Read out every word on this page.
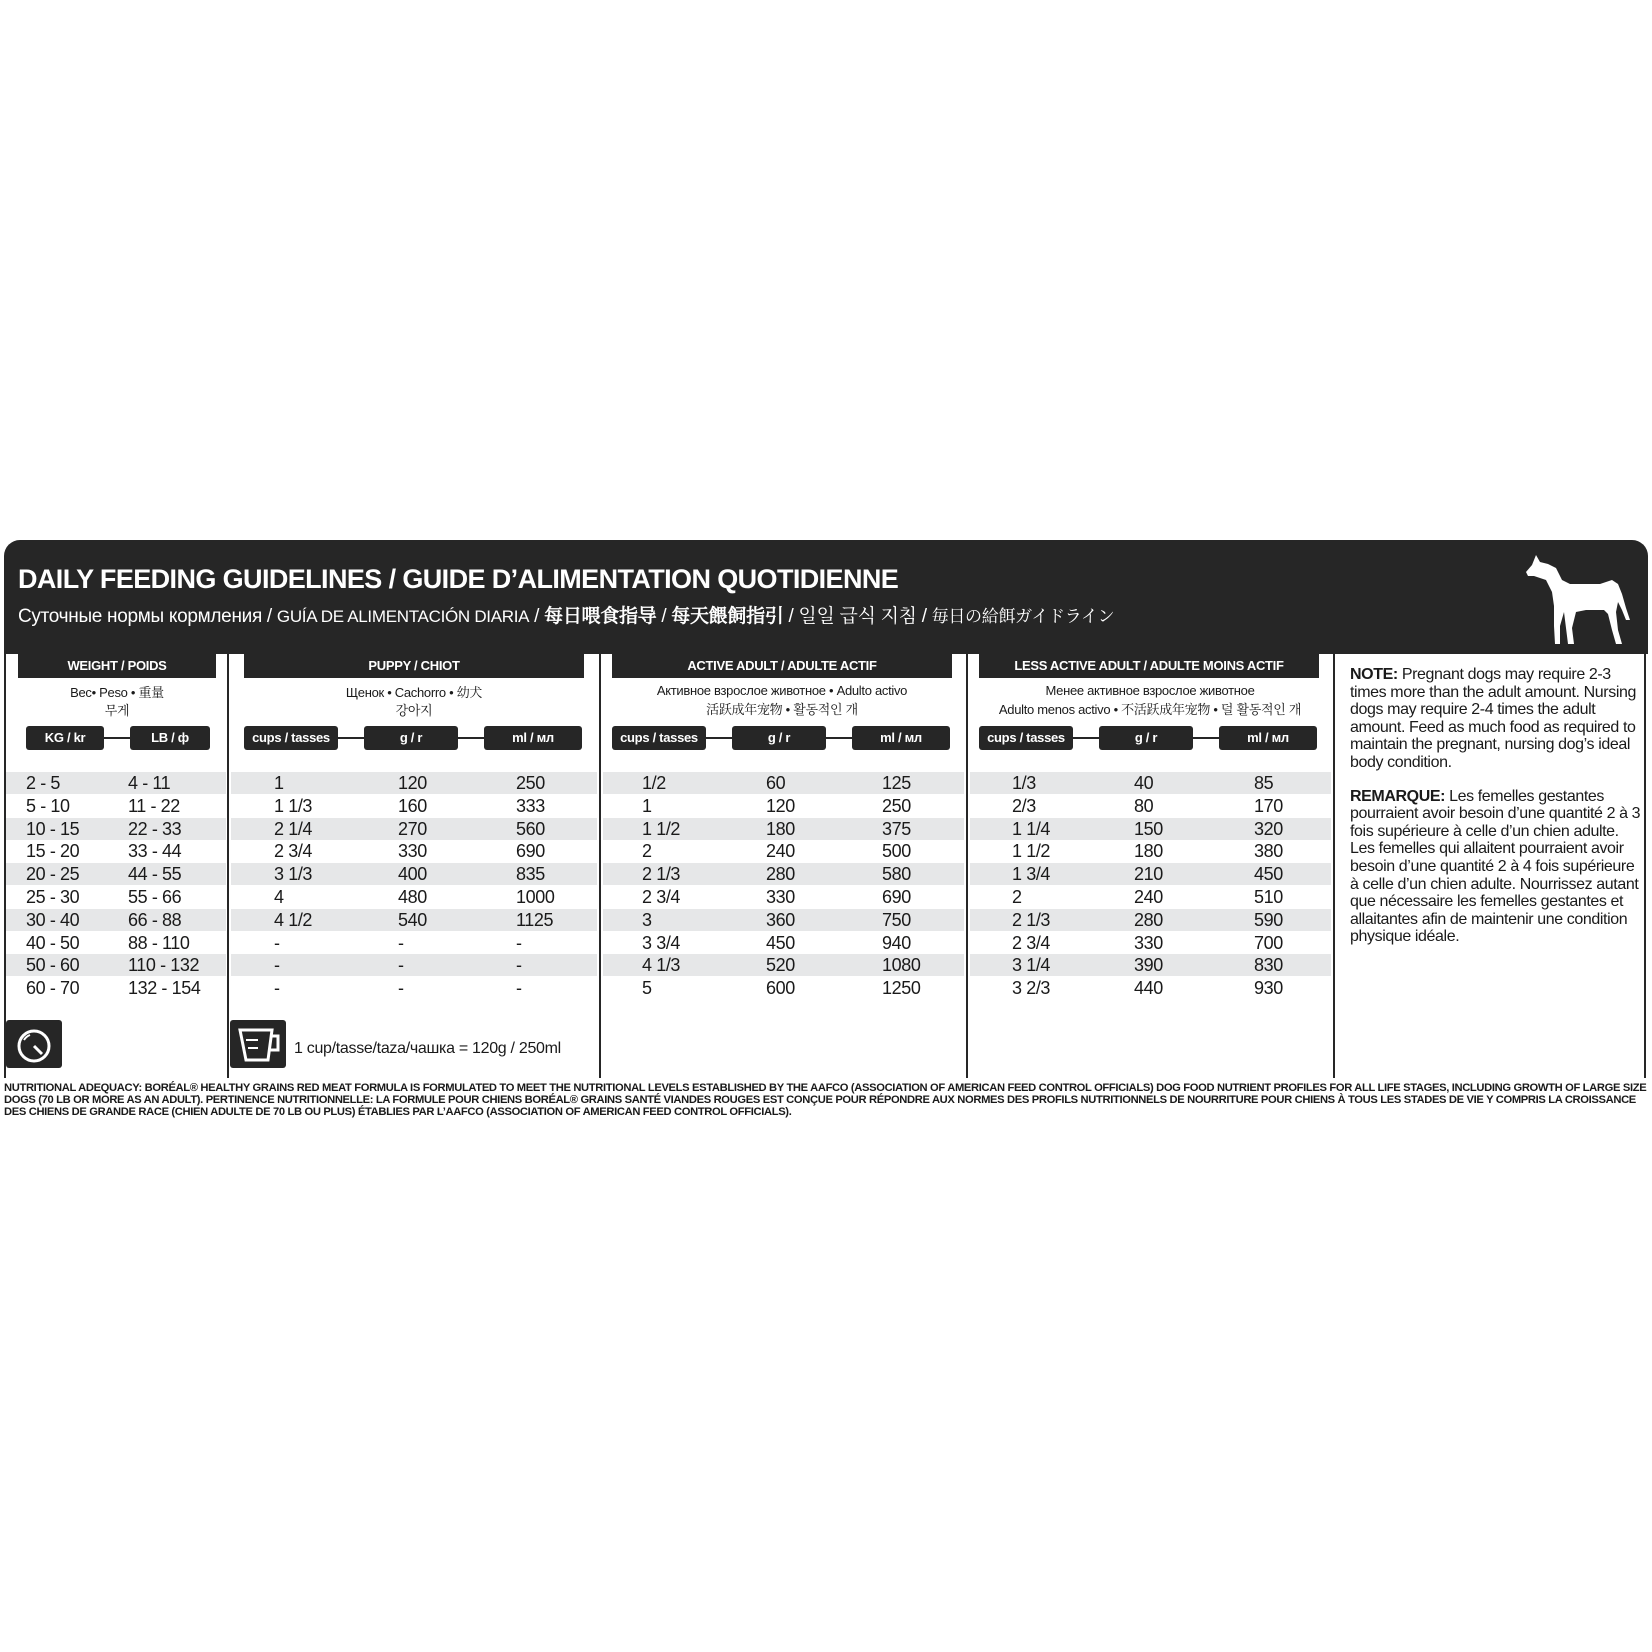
DAILY FEEDING GUIDELINES / GUIDE D’ALIMENTATION QUOTIDIENNE
Суточные нормы кормления / GUÍA DE ALIMENTACIÓN DIARIA / 每日喂食指导 / 每天餵飼指引 / 일일 급식 지침 / 毎日の給餌ガイドライン
WEIGHT / POIDS	PUPPY / CHIOT	ACTIVE ADULT / ADULTE ACTIF	LESS ACTIVE ADULT / ADULTE MOINS ACTIF
Вес• Peso • 重量
무게
Щенок • Cachorro • 幼犬
강아지
Активное взрослое животное • Adulto activo
活跃成年宠物 • 활동적인 개
Менее активное взрослое животное
Adulto menos activo • 不活跃成年宠物 • 덜 활동적인 개
KG / kr	LB / ф	cups / tasses	g / r	ml / мл	cups / tasses	g / r	ml / мл	cups / tasses	g / r	ml / мл
2 - 5	4 - 11	1	120	250	1/2	60	125	1/3	40	85
5 - 10	11 - 22	1 1/3	160	333	1	120	250	2/3	80	170
10 - 15	22 - 33	2 1/4	270	560	1 1/2	180	375	1 1/4	150	320
15 - 20	33 - 44	2 3/4	330	690	2	240	500	1 1/2	180	380
20 - 25	44 - 55	3 1/3	400	835	2 1/3	280	580	1 3/4	210	450
25 - 30	55 - 66	4	480	1000	2 3/4	330	690	2	240	510
30 - 40	66 - 88	4 1/2	540	1125	3	360	750	2 1/3	280	590
40 - 50	88 - 110	-	-	-	3 3/4	450	940	2 3/4	330	700
50 - 60	110 - 132	-	-	-	4 1/3	520	1080	3 1/4	390	830
60 - 70	132 - 154	-	-	-	5	600	1250	3 2/3	440	930
1 cup/tasse/taza/чашка = 120g / 250ml

NOTE: Pregnant dogs may require 2-3 times more than the adult amount. Nursing dogs may require 2-4 times the adult amount. Feed as much food as required to maintain the pregnant, nursing dog’s ideal body condition.

REMARQUE: Les femelles gestantes pourraient avoir besoin d’une quantité 2 à 3 fois supérieure à celle d’un chien adulte. Les femelles qui allaitent pourraient avoir besoin d’une quantité 2 à 4 fois supérieure à celle d’un chien adulte. Nourrissez autant que nécessaire les femelles gestantes et allaitantes afin de maintenir une condition physique idéale.

NUTRITIONAL ADEQUACY: BORÉAL® HEALTHY GRAINS RED MEAT FORMULA IS FORMULATED TO MEET THE NUTRITIONAL LEVELS ESTABLISHED BY THE AAFCO (ASSOCIATION OF AMERICAN FEED CONTROL OFFICIALS) DOG FOOD NUTRIENT PROFILES FOR ALL LIFE STAGES, INCLUDING GROWTH OF LARGE SIZE DOGS (70 LB OR MORE AS AN ADULT). PERTINENCE NUTRITIONNELLE: LA FORMULE POUR CHIENS BORÉAL® GRAINS SANTÉ VIANDES ROUGES EST CONÇUE POUR RÉPONDRE AUX NORMES DES PROFILS NUTRITIONNELS DE NOURRITURE POUR CHIENS À TOUS LES STADES DE VIE Y COMPRIS LA CROISSANCE DES CHIENS DE GRANDE RACE (CHIEN ADULTE DE 70 LB OU PLUS) ÉTABLIES PAR L’AAFCO (ASSOCIATION OF AMERICAN FEED CONTROL OFFICIALS).
